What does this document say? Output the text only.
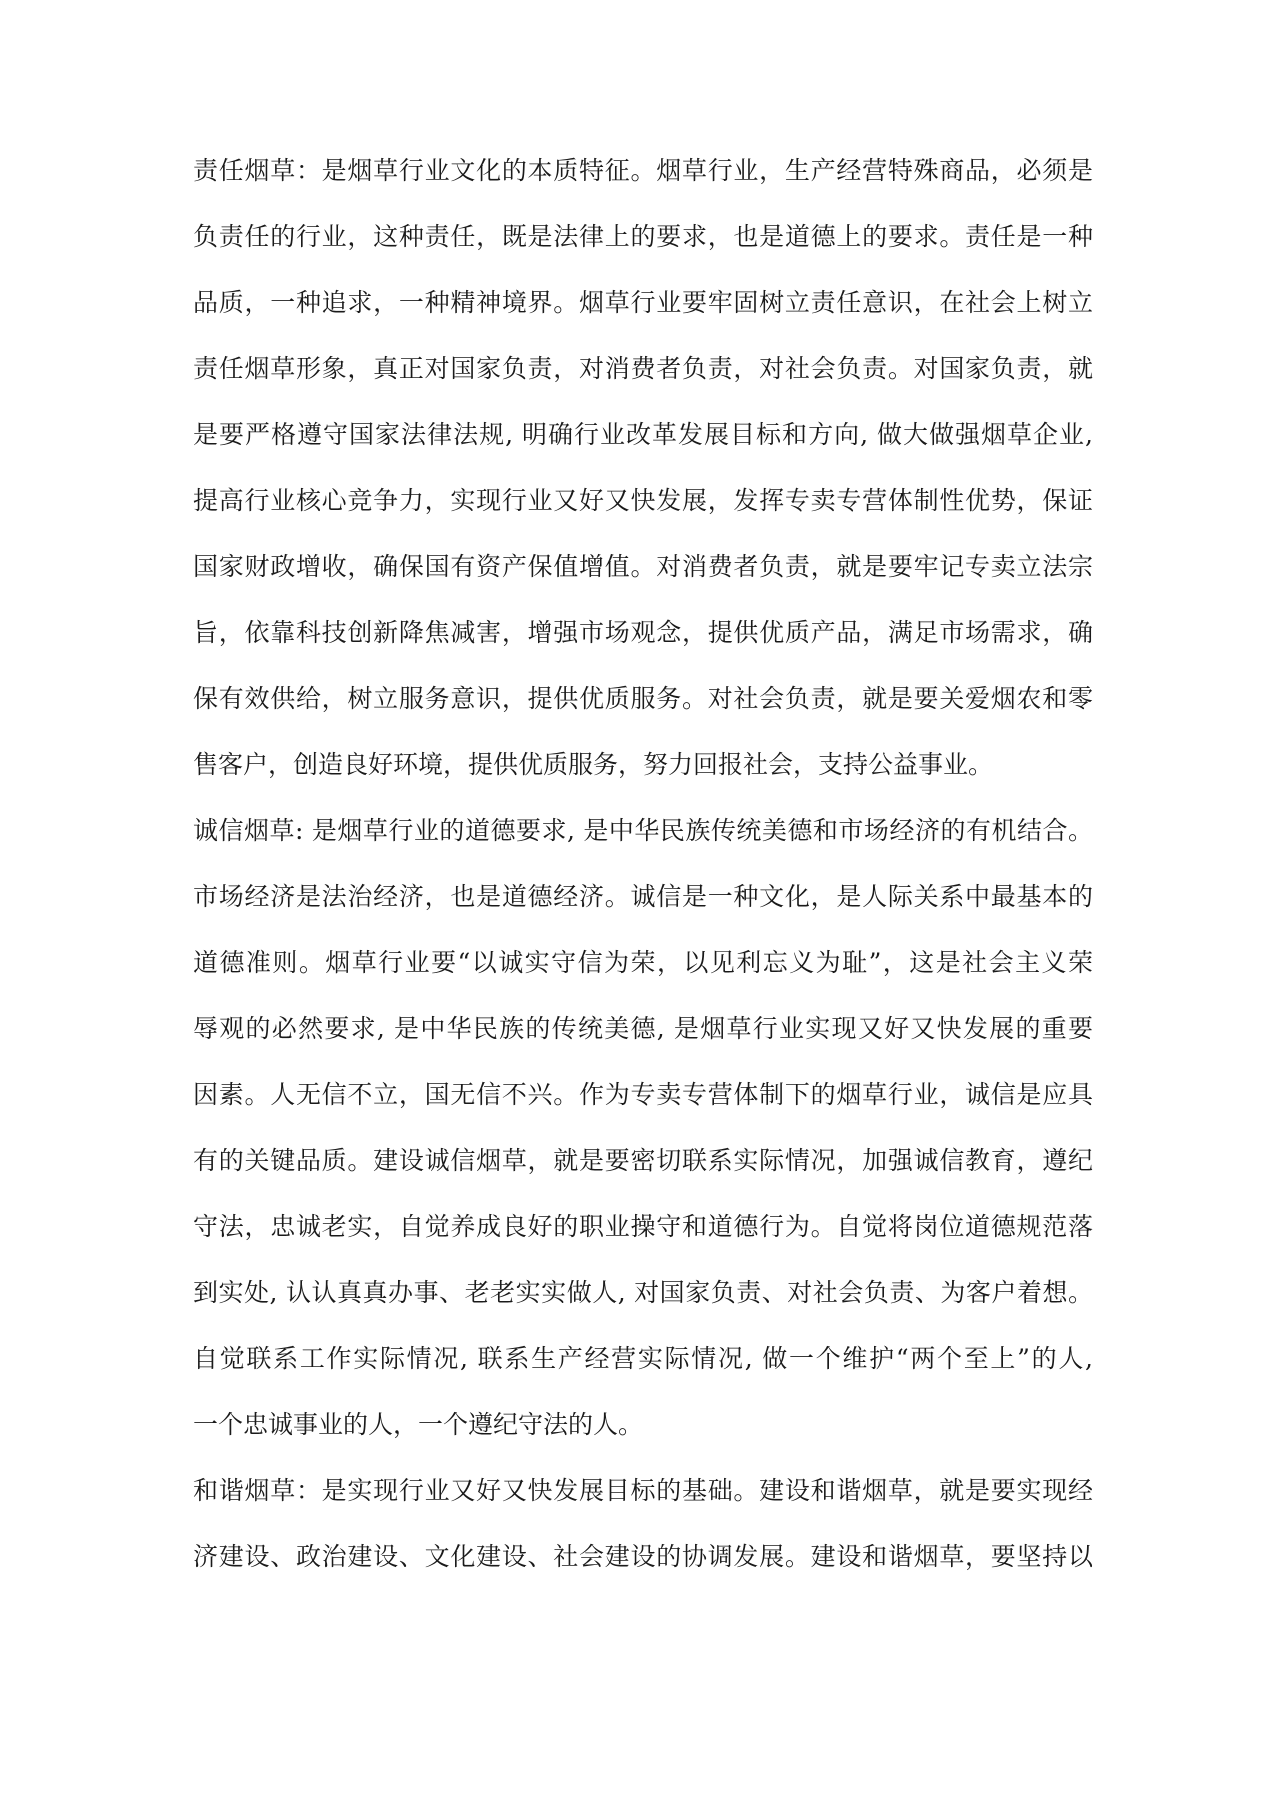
责任烟草：是烟草行业文化的本质特征。烟草行业，生产经营特殊商品，必须是
负责任的行业，这种责任，既是法律上的要求，也是道德上的要求。责任是一种
品质，一种追求，一种精神境界。烟草行业要牢固树立责任意识，在社会上树立
责任烟草形象，真正对国家负责，对消费者负责，对社会负责。对国家负责，就
是要严格遵守国家法律法规, 明确行业改革发展目标和方向, 做大做强烟草企业,
提高行业核心竞争力，实现行业又好又快发展，发挥专卖专营体制性优势，保证
国家财政增收，确保国有资产保值增值。对消费者负责，就是要牢记专卖立法宗
旨，依靠科技创新降焦减害，增强市场观念，提供优质产品，满足市场需求，确
保有效供给，树立服务意识，提供优质服务。对社会负责，就是要关爱烟农和零
售客户，创造良好环境，提供优质服务，努力回报社会，支持公益事业。
诚信烟草: 是烟草行业的道德要求, 是中华民族传统美德和市场经济的有机结合。
市场经济是法治经济，也是道德经济。诚信是一种文化，是人际关系中最基本的
道德准则。烟草行业要“以诚实守信为荣，以见利忘义为耻”，这是社会主义荣
辱观的必然要求, 是中华民族的传统美德, 是烟草行业实现又好又快发展的重要
因素。人无信不立，国无信不兴。作为专卖专营体制下的烟草行业，诚信是应具
有的关键品质。建设诚信烟草，就是要密切联系实际情况，加强诚信教育，遵纪
守法，忠诚老实，自觉养成良好的职业操守和道德行为。自觉将岗位道德规范落
到实处, 认认真真办事、老老实实做人, 对国家负责、对社会负责、为客户着想。
自觉联系工作实际情况, 联系生产经营实际情况, 做一个维护“两个至上”的人,
一个忠诚事业的人，一个遵纪守法的人。
和谐烟草：是实现行业又好又快发展目标的基础。建设和谐烟草，就是要实现经
济建设、政治建设、文化建设、社会建设的协调发展。建设和谐烟草，要坚持以
